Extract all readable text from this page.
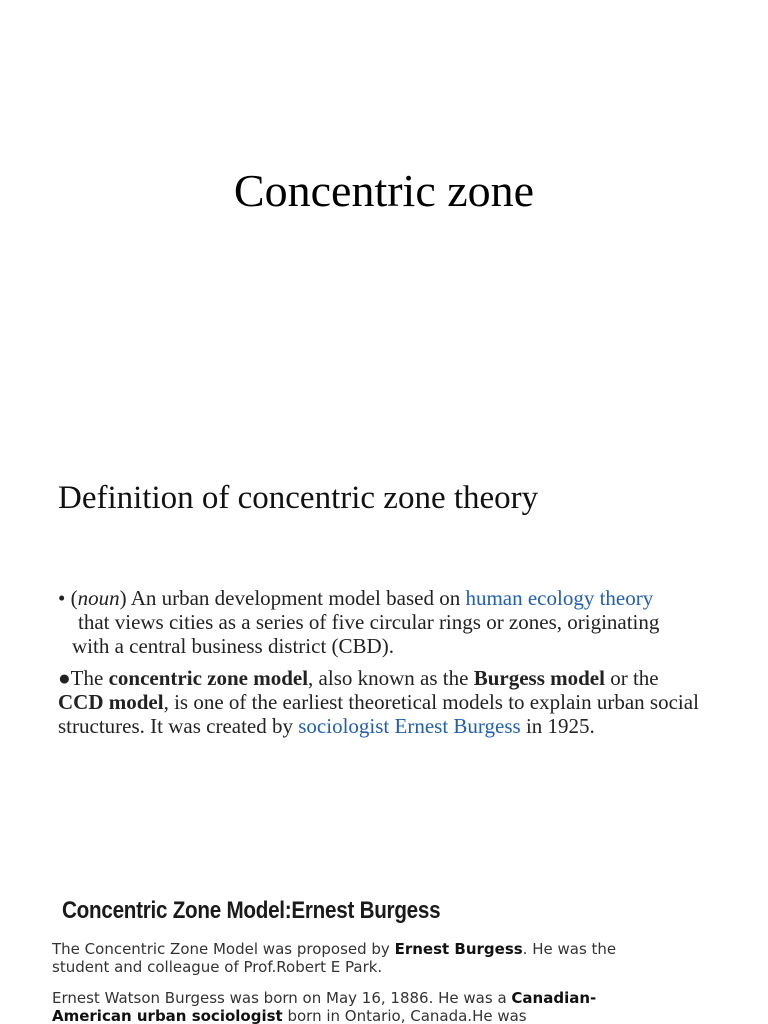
Concentric zone
Definition of concentric zone theory
• (noun) An urban development model based on human ecology theory
that views cities as a series of five circular rings or zones, originating
with a central business district (CBD).
●The concentric zone model, also known as the Burgess model or the CCD model, is one of the earliest theoretical models to explain urban social structures. It was created by sociologist Ernest Burgess in 1925.
Concentric Zone Model:Ernest Burgess
The Concentric Zone Model was proposed by Ernest Burgess. He was the student and colleague of Prof.Robert E Park.
Ernest Watson Burgess was born on May 16, 1886. He was a Canadian-American urban sociologist born in Ontario, Canada.He was
